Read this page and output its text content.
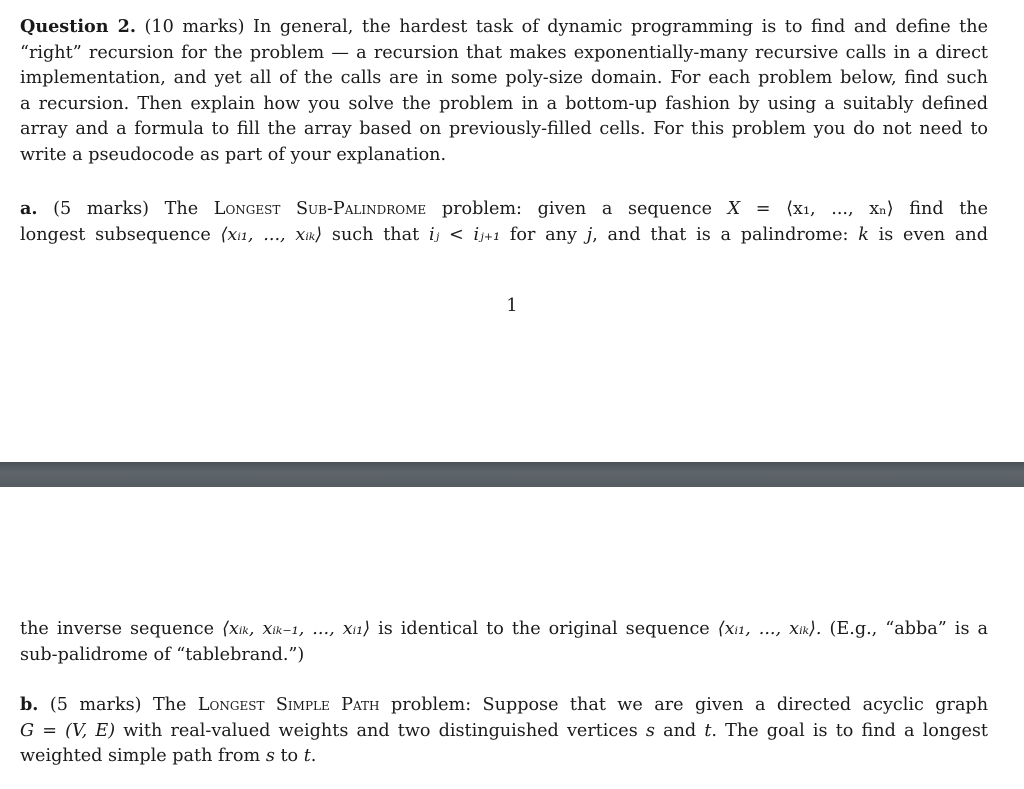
Question 2. (10 marks) In general, the hardest task of dynamic programming is to find and define the
“right” recursion for the problem — a recursion that makes exponentially-many recursive calls in a direct
implementation, and yet all of the calls are in some poly-size domain. For each problem below, find such
a recursion. Then explain how you solve the problem in a bottom-up fashion by using a suitably defined
array and a formula to fill the array based on previously-filled cells. For this problem you do not need to
write a pseudocode as part of your explanation.
a. (5 marks) The Longest Sub-Palindrome problem: given a sequence X = ⟨x₁, ..., xₙ⟩ find the
longest subsequence ⟨xᵢ₁, ..., xᵢₖ⟩ such that iⱼ < iⱼ₊₁ for any j, and that is a palindrome: k is even and
1
the inverse sequence ⟨xᵢₖ, xᵢₖ₋₁, ..., xᵢ₁⟩ is identical to the original sequence ⟨xᵢ₁, ..., xᵢₖ⟩. (E.g., “abba” is a
sub-palidrome of “tablebrand.”)
b. (5 marks) The Longest Simple Path problem: Suppose that we are given a directed acyclic graph
G = (V, E) with real-valued weights and two distinguished vertices s and t. The goal is to find a longest
weighted simple path from s to t.
